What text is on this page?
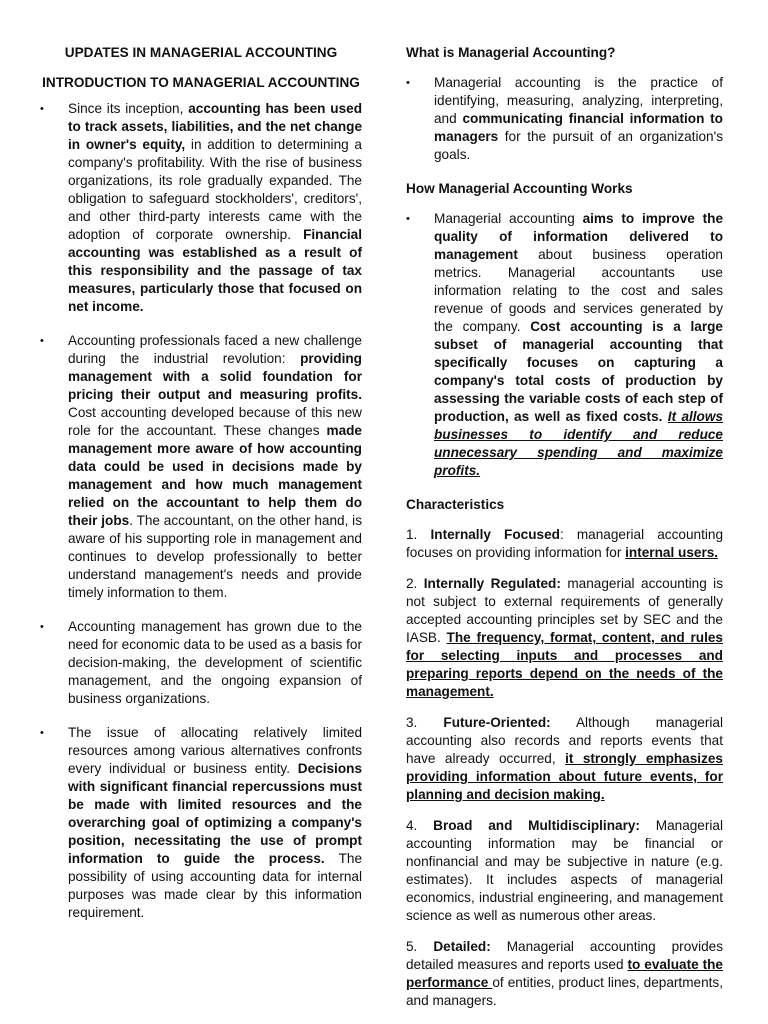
UPDATES IN MANAGERIAL ACCOUNTING

INTRODUCTION TO MANAGERIAL ACCOUNTING

• Since its inception, accounting has been used to track assets, liabilities, and the net change in owner's equity, in addition to determining a company's profitability. With the rise of business organizations, its role gradually expanded. The obligation to safeguard stockholders', creditors', and other third-party interests came with the adoption of corporate ownership. Financial accounting was established as a result of this responsibility and the passage of tax measures, particularly those that focused on net income.
• Accounting professionals faced a new challenge during the industrial revolution: providing management with a solid foundation for pricing their output and measuring profits. Cost accounting developed because of this new role for the accountant. These changes made management more aware of how accounting data could be used in decisions made by management and how much management relied on the accountant to help them do their jobs. The accountant, on the other hand, is aware of his supporting role in management and continues to develop professionally to better understand management's needs and provide timely information to them.
• Accounting management has grown due to the need for economic data to be used as a basis for decision-making, the development of scientific management, and the ongoing expansion of business organizations.
• The issue of allocating relatively limited resources among various alternatives confronts every individual or business entity. Decisions with significant financial repercussions must be made with limited resources and the overarching goal of optimizing a company's position, necessitating the use of prompt information to guide the process. The possibility of using accounting data for internal purposes was made clear by this information requirement.

What is Managerial Accounting?

• Managerial accounting is the practice of identifying, measuring, analyzing, interpreting, and communicating financial information to managers for the pursuit of an organization's goals.

How Managerial Accounting Works

• Managerial accounting aims to improve the quality of information delivered to management about business operation metrics. Managerial accountants use information relating to the cost and sales revenue of goods and services generated by the company. Cost accounting is a large subset of managerial accounting that specifically focuses on capturing a company's total costs of production by assessing the variable costs of each step of production, as well as fixed costs. It allows businesses to identify and reduce unnecessary spending and maximize profits.

Characteristics

1. Internally Focused: managerial accounting focuses on providing information for internal users.

2. Internally Regulated: managerial accounting is not subject to external requirements of generally accepted accounting principles set by SEC and the IASB. The frequency, format, content, and rules for selecting inputs and processes and preparing reports depend on the needs of the management.

3. Future-Oriented: Although managerial accounting also records and reports events that have already occurred, it strongly emphasizes providing information about future events, for planning and decision making.

4. Broad and Multidisciplinary: Managerial accounting information may be financial or nonfinancial and may be subjective in nature (e.g. estimates). It includes aspects of managerial economics, industrial engineering, and management science as well as numerous other areas.

5. Detailed: Managerial accounting provides detailed measures and reports used to evaluate the performance of entities, product lines, departments, and managers.
